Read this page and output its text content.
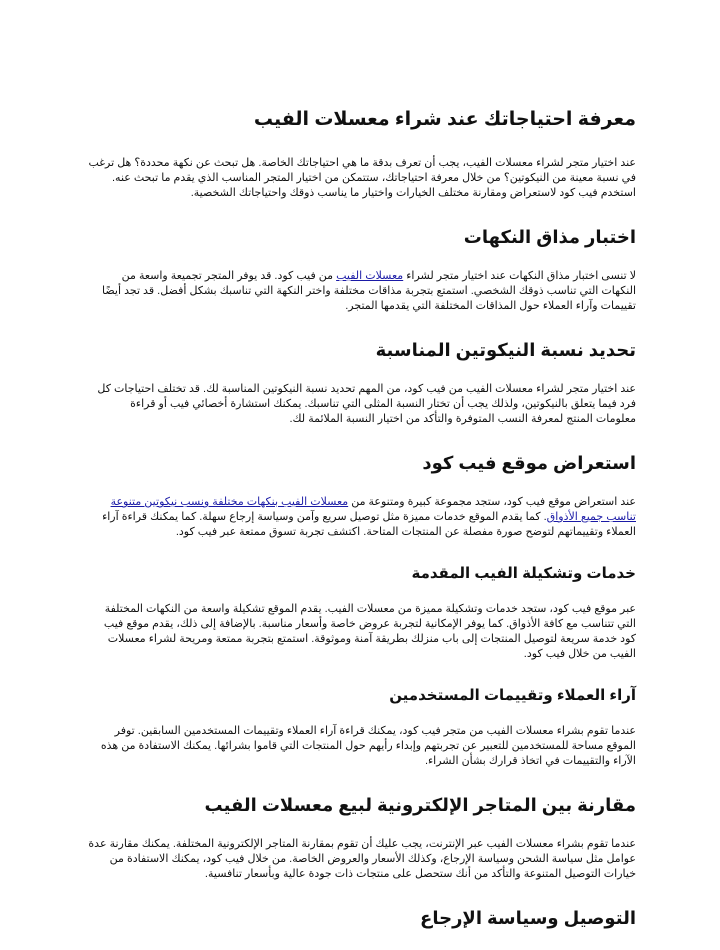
معرفة احتياجاتك عند شراء معسلات الفيب

عند اختيار متجر لشراء معسلات الفيب، يجب أن تعرف بدقة ما هي احتياجاتك الخاصة. هل تبحث عن نكهة محددة؟ هل ترغب في نسبة معينة من النيكوتين؟ من خلال معرفة احتياجاتك، ستتمكن من اختيار المتجر المناسب الذي يقدم ما تبحث عنه. استخدم فيب كود لاستعراض ومقارنة مختلف الخيارات واختيار ما يناسب ذوقك واحتياجاتك الشخصية.

اختبار مذاق النكهات

لا تنسى اختبار مذاق النكهات عند اختيار متجر لشراء معسلات الفيب من فيب كود. قد يوفر المتجر تجميعة واسعة من النكهات التي تناسب ذوقك الشخصي. استمتع بتجربة مذاقات مختلفة واختر النكهة التي تناسبك بشكل أفضل. قد تجد أيضًا تقييمات وآراء العملاء حول المذاقات المختلفة التي يقدمها المتجر.

تحديد نسبة النيكوتين المناسبة

عند اختيار متجر لشراء معسلات الفيب من فيب كود، من المهم تحديد نسبة النيكوتين المناسبة لك. قد تختلف احتياجات كل فرد فيما يتعلق بالنيكوتين، ولذلك يجب أن تختار النسبة المثلى التي تناسبك. يمكنك استشارة أخصائي فيب أو قراءة معلومات المنتج لمعرفة النسب المتوفرة والتأكد من اختيار النسبة الملائمة لك.

استعراض موقع فيب كود

عند استعراض موقع فيب كود، ستجد مجموعة كبيرة ومتنوعة من معسلات الفيب بنكهات مختلفة ونسب نيكوتين متنوعة تناسب جميع الأذواق. كما يقدم الموقع خدمات مميزة مثل توصيل سريع وآمن وسياسة إرجاع سهلة. كما يمكنك قراءة آراء العملاء وتقييماتهم لتوضح صورة مفصلة عن المنتجات المتاحة. اكتشف تجربة تسوق ممتعة عبر فيب كود.

خدمات وتشكيلة الفيب المقدمة

عبر موقع فيب كود، ستجد خدمات وتشكيلة مميزة من معسلات الفيب. يقدم الموقع تشكيلة واسعة من النكهات المختلفة التي تتناسب مع كافة الأذواق. كما يوفر الإمكانية لتجربة عروض خاصة وأسعار مناسبة. بالإضافة إلى ذلك، يقدم موقع فيب كود خدمة سريعة لتوصيل المنتجات إلى باب منزلك بطريقة آمنة وموثوقة. استمتع بتجربة ممتعة ومريحة لشراء معسلات الفيب من خلال فيب كود.

آراء العملاء وتقييمات المستخدمين

عندما تقوم بشراء معسلات الفيب من متجر فيب كود، يمكنك قراءة آراء العملاء وتقييمات المستخدمين السابقين. توفر الموقع مساحة للمستخدمين للتعبير عن تجربتهم وإبداء رأيهم حول المنتجات التي قاموا بشرائها. يمكنك الاستفادة من هذه الآراء والتقييمات في اتخاذ قرارك بشأن الشراء.

مقارنة بين المتاجر الإلكترونية لبيع معسلات الفيب

عندما تقوم بشراء معسلات الفيب عبر الإنترنت، يجب عليك أن تقوم بمقارنة المتاجر الإلكترونية المختلفة. يمكنك مقارنة عدة عوامل مثل سياسة الشحن وسياسة الإرجاع، وكذلك الأسعار والعروض الخاصة. من خلال فيب كود، يمكنك الاستفادة من خيارات التوصيل المتنوعة والتأكد من أنك ستحصل على منتجات ذات جودة عالية وبأسعار تنافسية.

التوصيل وسياسة الإرجاع
